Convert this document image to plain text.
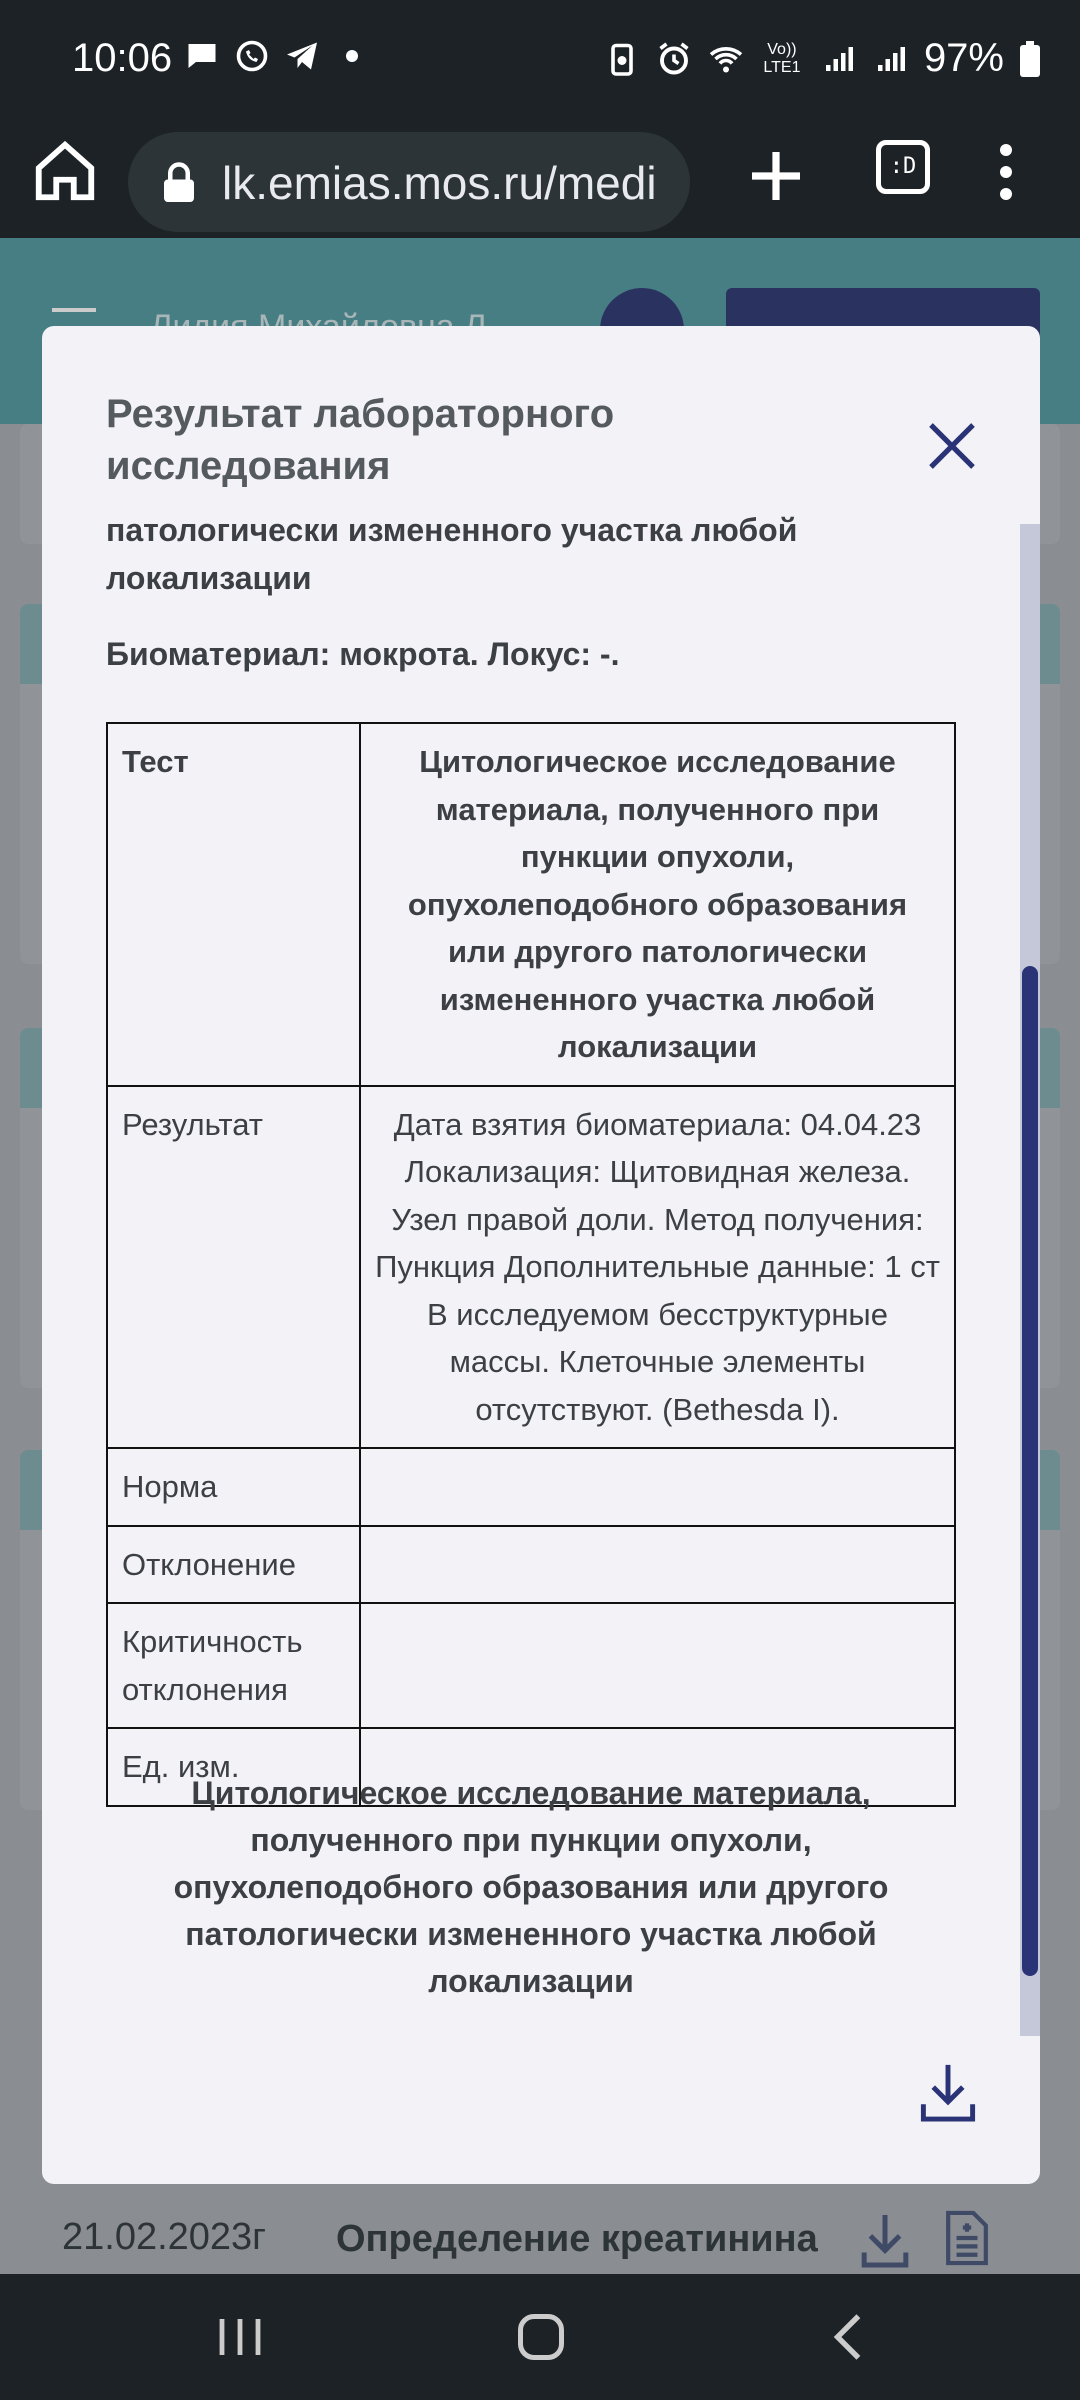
10:06	Vo)) LTE1	97%
lk.emias.mos.ru/medi	:D
21.02.2023г Определение креатинина
Результат лабораторного исследования
патологически измененного участка любой локализации
Биоматериал: мокрота. Локус: -.
Тест	Цитологическое исследование материала, полученного при пункции опухоли, опухолеподобного образования или другого патологически измененного участка любой локализации
Результат	Дата взятия биоматериала: 04.04.23 Локализация: Щитовидная железа. Узел правой доли. Метод получения: Пункция Дополнительные данные: 1 ст В исследуемом бесструктурные массы. Клеточные элементы отсутствуют. (Bethesda I).
Норма	
Отклонение	
Критичность отклонения	
Ед. изм.	
Цитологическое исследование материала, полученного при пункции опухоли, опухолеподобного образования или другого патологически измененного участка любой локализации
